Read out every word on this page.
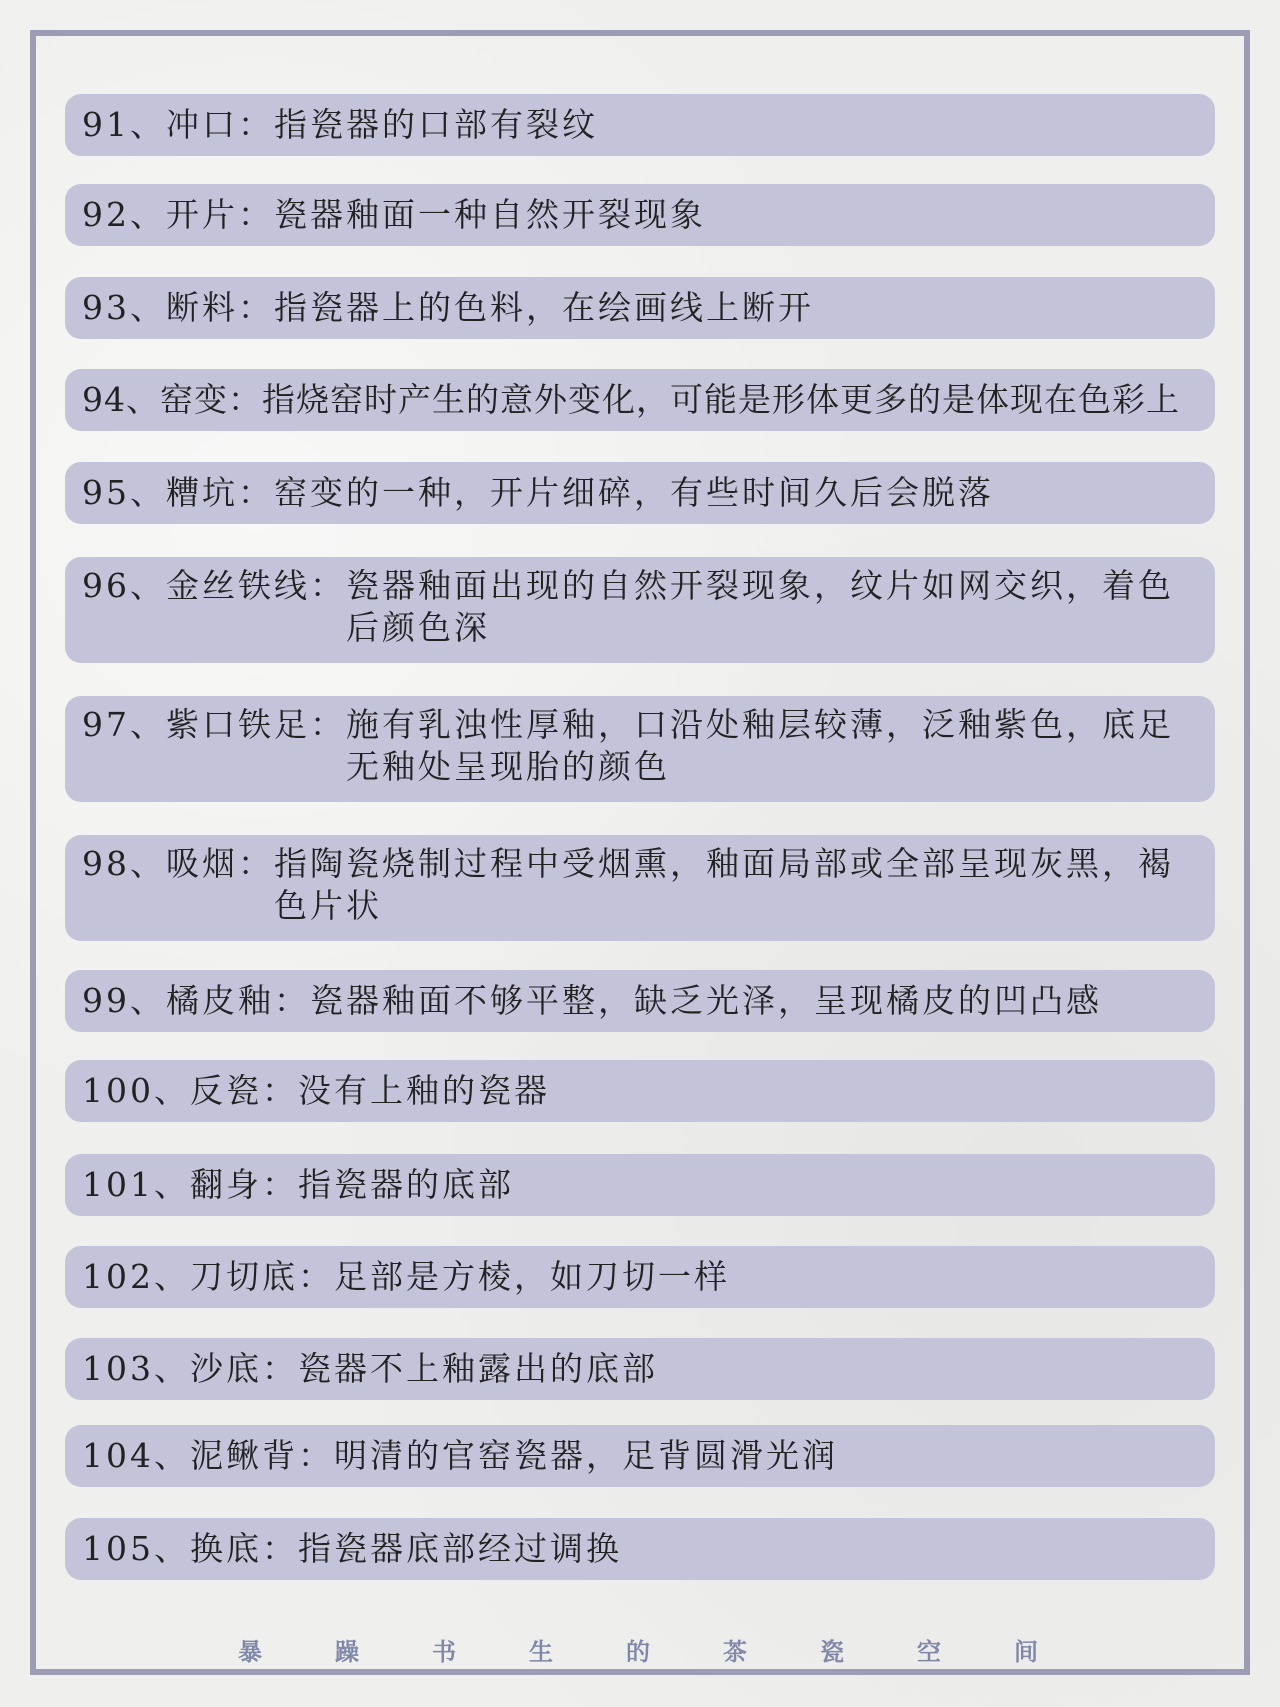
91、冲口： 指瓷器的口部有裂纹
92、开片： 瓷器釉面一种自然开裂现象
93、断料： 指瓷器上的色料，在绘画线上断开
94、窑变： 指烧窑时产生的意外变化，可能是形体更多的是体现在色彩上
95、糟坑： 窑变的一种，开片细碎，有些时间久后会脱落
96、金丝铁线： 瓷器釉面出现的自然开裂现象，纹片如网交织，着色后颜色深
97、紫口铁足： 施有乳浊性厚釉，口沿处釉层较薄，泛釉紫色，底足无釉处呈现胎的颜色
98、吸烟： 指陶瓷烧制过程中受烟熏，釉面局部或全部呈现灰黑，褐色片状
99、橘皮釉： 瓷器釉面不够平整，缺乏光泽，呈现橘皮的凹凸感
100、反瓷： 没有上釉的瓷器
101、翻身： 指瓷器的底部
102、刀切底： 足部是方棱，如刀切一样
103、沙底： 瓷器不上釉露出的底部
104、泥鳅背： 明清的官窑瓷器，足背圆滑光润
105、换底： 指瓷器底部经过调换
暴	躁	书	生	的	茶	瓷	空	间
